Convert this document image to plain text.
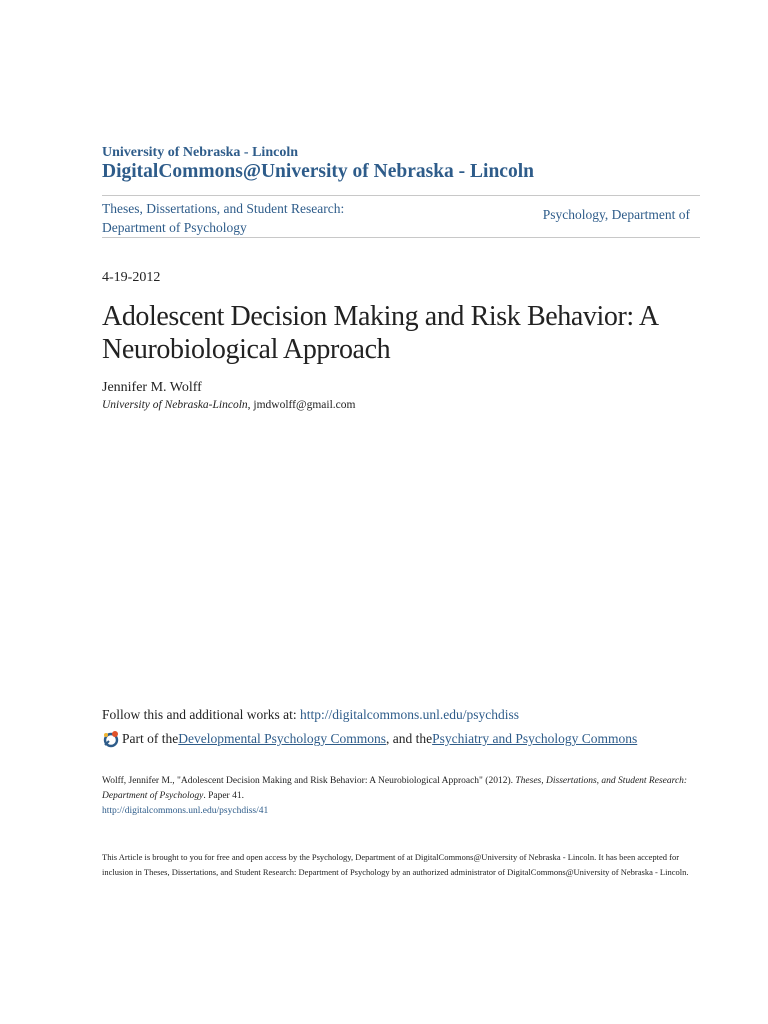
University of Nebraska - Lincoln
DigitalCommons@University of Nebraska - Lincoln
Theses, Dissertations, and Student Research:
Department of Psychology
Psychology, Department of
4-19-2012
Adolescent Decision Making and Risk Behavior: A Neurobiological Approach
Jennifer M. Wolff
University of Nebraska-Lincoln, jmdwolff@gmail.com
Follow this and additional works at: http://digitalcommons.unl.edu/psychdiss
Part of the Developmental Psychology Commons , and the Psychiatry and Psychology Commons
Wolff, Jennifer M., "Adolescent Decision Making and Risk Behavior: A Neurobiological Approach" (2012). Theses, Dissertations, and Student Research: Department of Psychology. Paper 41.
http://digitalcommons.unl.edu/psychdiss/41
This Article is brought to you for free and open access by the Psychology, Department of at DigitalCommons@University of Nebraska - Lincoln. It has been accepted for inclusion in Theses, Dissertations, and Student Research: Department of Psychology by an authorized administrator of DigitalCommons@University of Nebraska - Lincoln.
